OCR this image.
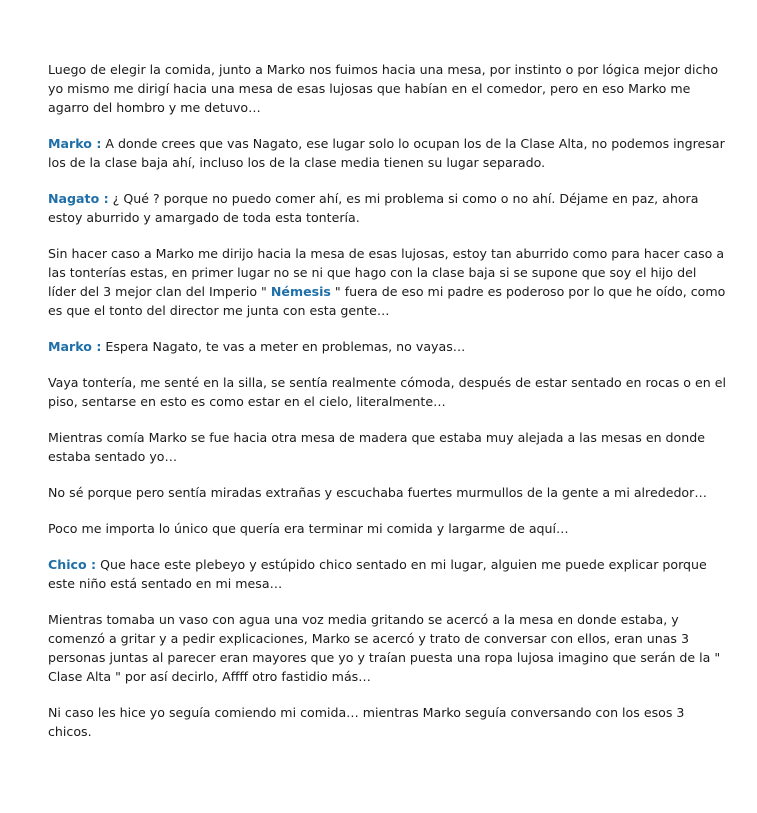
Luego de elegir la comida, junto a Marko nos fuimos hacia una mesa, por instinto o por lógica mejor dicho yo mismo me dirigí hacia una mesa de esas lujosas que habían en el comedor, pero en eso Marko me agarro del hombro y me detuvo…

Marko : A donde crees que vas Nagato, ese lugar solo lo ocupan los de la Clase Alta, no podemos ingresar los de la clase baja ahí, incluso los de la clase media tienen su lugar separado.

Nagato : ¿ Qué ? porque no puedo comer ahí, es mi problema si como o no ahí. Déjame en paz, ahora estoy aburrido y amargado de toda esta tontería.

Sin hacer caso a Marko me dirijo hacia la mesa de esas lujosas, estoy tan aburrido como para hacer caso a las tonterías estas, en primer lugar no se ni que hago con la clase baja si se supone que soy el hijo del líder del 3 mejor clan del Imperio " Némesis " fuera de eso mi padre es poderoso por lo que he oído, como es que el tonto del director me junta con esta gente…

Marko : Espera Nagato, te vas a meter en problemas, no vayas…

Vaya tontería, me senté en la silla, se sentía realmente cómoda, después de estar sentado en rocas o en el piso, sentarse en esto es como estar en el cielo, literalmente…

Mientras comía Marko se fue hacia otra mesa de madera que estaba muy alejada a las mesas en donde estaba sentado yo…

No sé porque pero sentía miradas extrañas y escuchaba fuertes murmullos de la gente a mi alrededor…

Poco me importa lo único que quería era terminar mi comida y largarme de aquí…

Chico : Que hace este plebeyo y estúpido chico sentado en mi lugar, alguien me puede explicar porque este niño está sentado en mi mesa…

Mientras tomaba un vaso con agua una voz media gritando se acercó a la mesa en donde estaba, y comenzó a gritar y a pedir explicaciones, Marko se acercó y trato de conversar con ellos, eran unas 3 personas juntas al parecer eran mayores que yo y traían puesta una ropa lujosa imagino que serán de la " Clase Alta " por así decirlo, Affff otro fastidio más…

Ni caso les hice yo seguía comiendo mi comida… mientras Marko seguía conversando con los esos 3 chicos.
